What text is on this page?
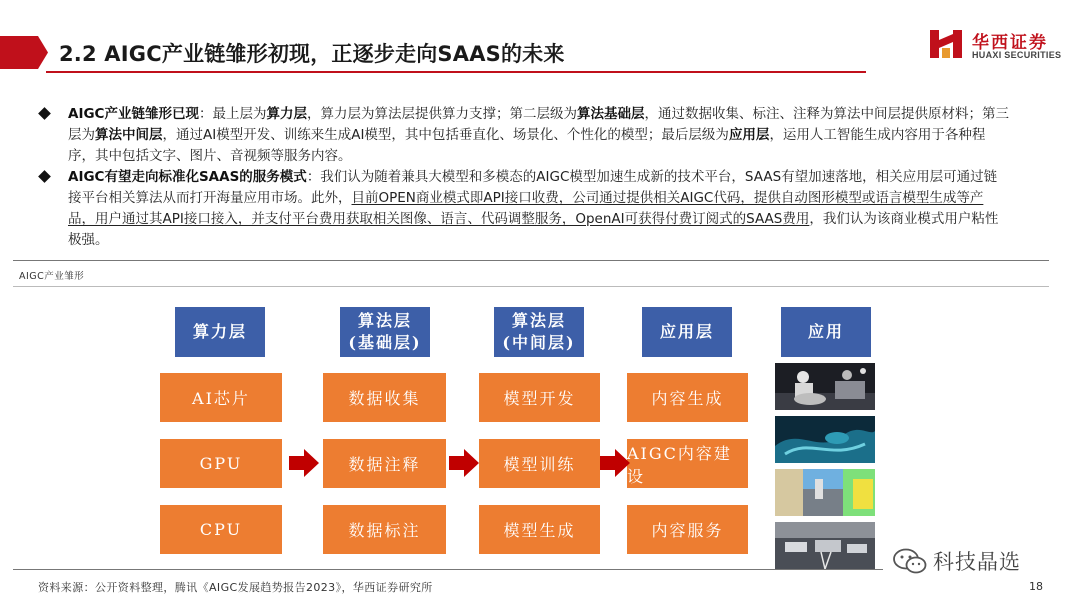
2.2 AIGC产业链雏形初现，正逐步走向SAAS的未来	华西证券
HUAXI SECURITIES
AIGC产业链雏形已现：最上层为算力层，算力层为算法层提供算力支撑；第二层级为算法基础层，通过数据收集、标注、注释为算法中间层提供原材料；第三层为算法中间层，通过AI模型开发、训练来生成AI模型，其中包括垂直化、场景化、个性化的模型；最后层级为应用层，运用人工智能生成内容用于各种程序，其中包括文字、图片、音视频等服务内容。
AIGC有望走向标准化SAAS的服务模式：我们认为随着兼具大模型和多模态的AIGC模型加速生成新的技术平台，SAAS有望加速落地，相关应用层可通过链接平台相关算法从而打开海量应用市场。此外，目前OPEN商业模式即API接口收费，公司通过提供相关AIGC代码，提供自动图形模型或语言模型生成等产品，用户通过其API接口接入，并支付平台费用获取相关图像、语言、代码调整服务，OpenAI可获得付费订阅式的SAAS费用，我们认为该商业模式用户粘性极强。
AIGC产业雏形
算力层
AI芯片
GPU
CPU
算法层
(基础层)
数据收集
数据注释
数据标注
算法层
(中间层)
模型开发
模型训练
模型生成
应用层
内容生成
AIGC内容建设
内容服务
应用
资料来源：公开资料整理，腾讯《AIGC发展趋势报告2023》，华西证券研究所
科技晶选
18
